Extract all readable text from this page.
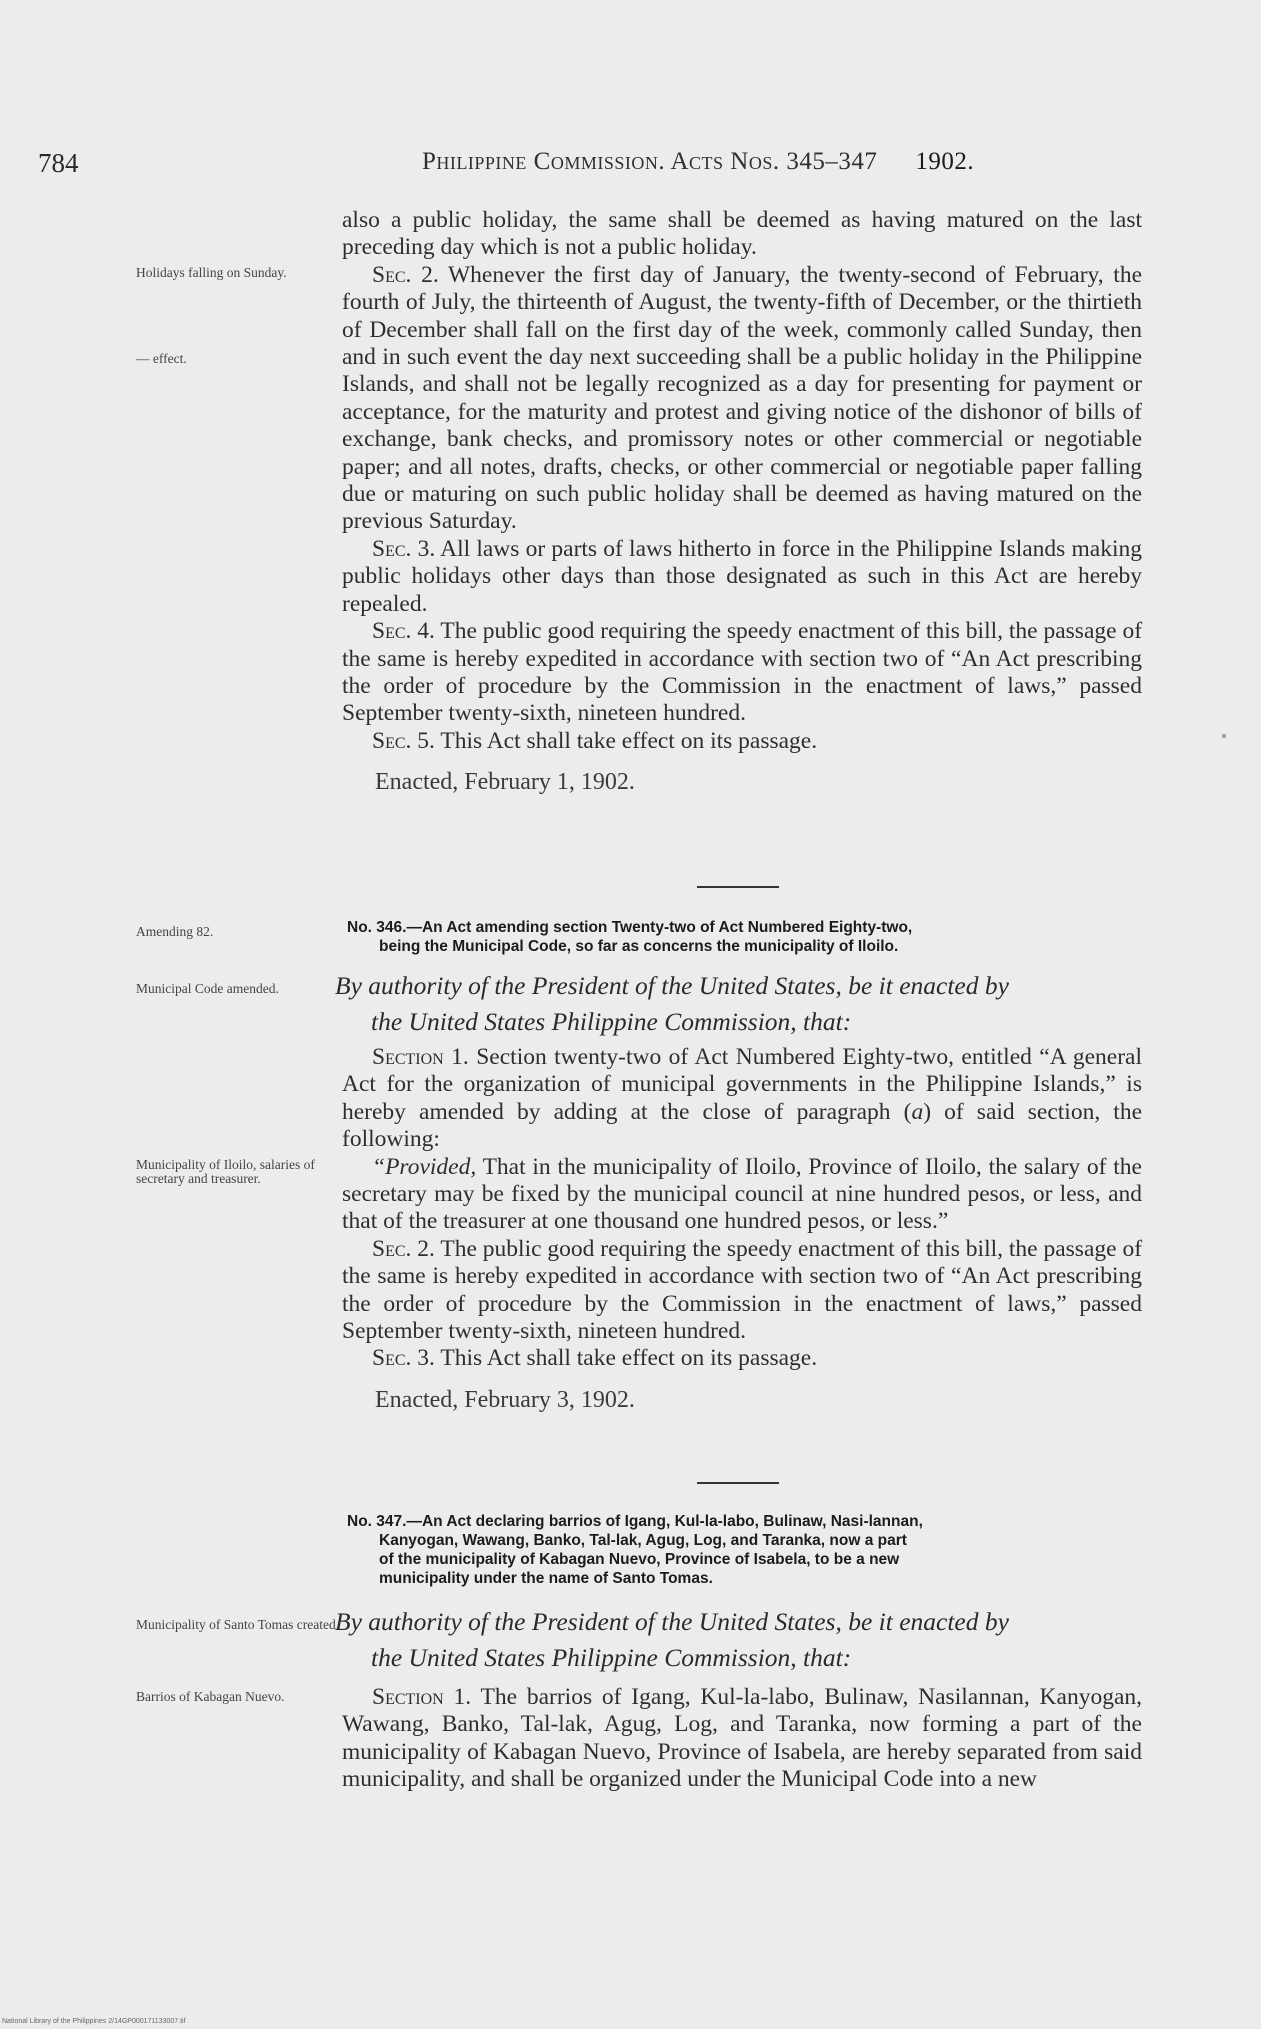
784	Philippine Commission. Acts Nos. 345–347 1902.
Holidays falling on Sunday.
— effect.
Amending 82.
Municipal Code amended.
Municipality of Iloilo, salaries of secretary and treasurer.
Municipality of Santo Tomas created.
Barrios of Kabagan Nuevo.

also a public holiday, the same shall be deemed as having matured on the last preceding day which is not a public holiday.

Sec. 2. Whenever the first day of January, the twenty-second of February, the fourth of July, the thirteenth of August, the twenty-fifth of December, or the thirtieth of December shall fall on the first day of the week, commonly called Sunday, then and in such event the day next succeeding shall be a public holiday in the Philippine Islands, and shall not be legally recognized as a day for presenting for payment or acceptance, for the maturity and protest and giving notice of the dishonor of bills of exchange, bank checks, and promissory notes or other commercial or negotiable paper; and all notes, drafts, checks, or other commercial or negotiable paper falling due or maturing on such public holiday shall be deemed as having matured on the previous Saturday.

Sec. 3. All laws or parts of laws hitherto in force in the Philippine Islands making public holidays other days than those designated as such in this Act are hereby repealed.

Sec. 4. The public good requiring the speedy enactment of this bill, the passage of the same is hereby expedited in accordance with section two of “An Act prescribing the order of procedure by the Commission in the enactment of laws,” passed September twenty-sixth, nineteen hundred.

Sec. 5. This Act shall take effect on its passage.

Enacted, February 1, 1902.

No. 346.—An Act amending section Twenty-two of Act Numbered Eighty-two,
being the Municipal Code, so far as concerns the municipality of Iloilo.
By authority of the President of the United States, be it enacted by
the United States Philippine Commission, that:

Section 1. Section twenty-two of Act Numbered Eighty-two, entitled “A general Act for the organization of municipal governments in the Philippine Islands,” is hereby amended by adding at the close of paragraph (a) of said section, the following:

“Provided, That in the municipality of Iloilo, Province of Iloilo, the salary of the secretary may be fixed by the municipal council at nine hundred pesos, or less, and that of the treasurer at one thousand one hundred pesos, or less.”

Sec. 2. The public good requiring the speedy enactment of this bill, the passage of the same is hereby expedited in accordance with section two of “An Act prescribing the order of procedure by the Commission in the enactment of laws,” passed September twenty-sixth, nineteen hundred.

Sec. 3. This Act shall take effect on its passage.

Enacted, February 3, 1902.

No. 347.—An Act declaring barrios of Igang, Kul-la-labo, Bulinaw, Nasi-lannan,
Kanyogan, Wawang, Banko, Tal-lak, Agug, Log, and Taranka, now a part
of the municipality of Kabagan Nuevo, Province of Isabela, to be a new
municipality under the name of Santo Tomas.
By authority of the President of the United States, be it enacted by
the United States Philippine Commission, that:

Section 1. The barrios of Igang, Kul-la-labo, Bulinaw, Nasilannan, Kanyogan, Wawang, Banko, Tal-lak, Agug, Log, and Taranka, now forming a part of the municipality of Kabagan Nuevo, Province of Isabela, are hereby separated from said municipality, and shall be organized under the Municipal Code into a new

National Library of the Philippines 2/14GP000171133007.tif
